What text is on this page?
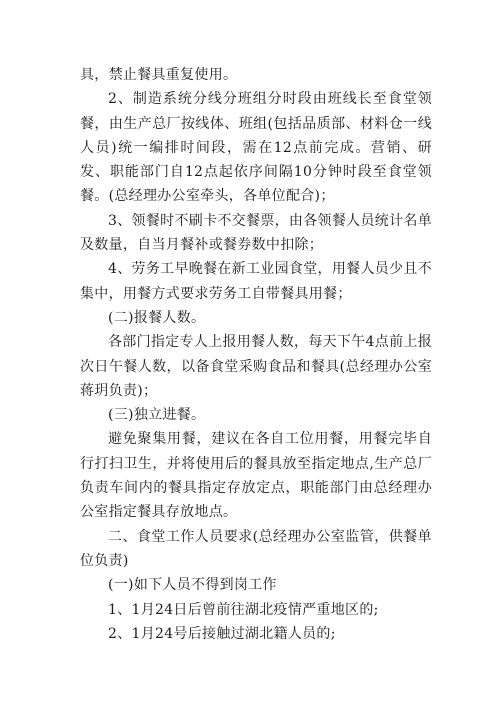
具，禁止餐具重复使用。

2、制造系统分线分班组分时段由班线长至食堂领餐，由生产总厂按线体、班组(包括品质部、材料仓一线人员)统一编排时间段，需在12点前完成。营销、研发、职能部门自12点起依序间隔10分钟时段至食堂领餐。(总经理办公室牵头，各单位配合)；

3、领餐时不刷卡不交餐票，由各领餐人员统计名单及数量，自当月餐补或餐券数中扣除；

4、劳务工早晚餐在新工业园食堂，用餐人员少且不集中，用餐方式要求劳务工自带餐具用餐；

(二)报餐人数。

各部门指定专人上报用餐人数，每天下午4点前上报次日午餐人数，以备食堂采购食品和餐具(总经理办公室蒋玥负责)；

(三)独立进餐。

避免聚集用餐，建议在各自工位用餐，用餐完毕自行打扫卫生，并将使用后的餐具放至指定地点,生产总厂负责车间内的餐具指定存放定点，职能部门由总经理办公室指定餐具存放地点。

二、食堂工作人员要求(总经理办公室监管，供餐单位负责)

(一)如下人员不得到岗工作

1、1月24日后曾前往湖北疫情严重地区的;

2、1月24号后接触过湖北籍人员的;
